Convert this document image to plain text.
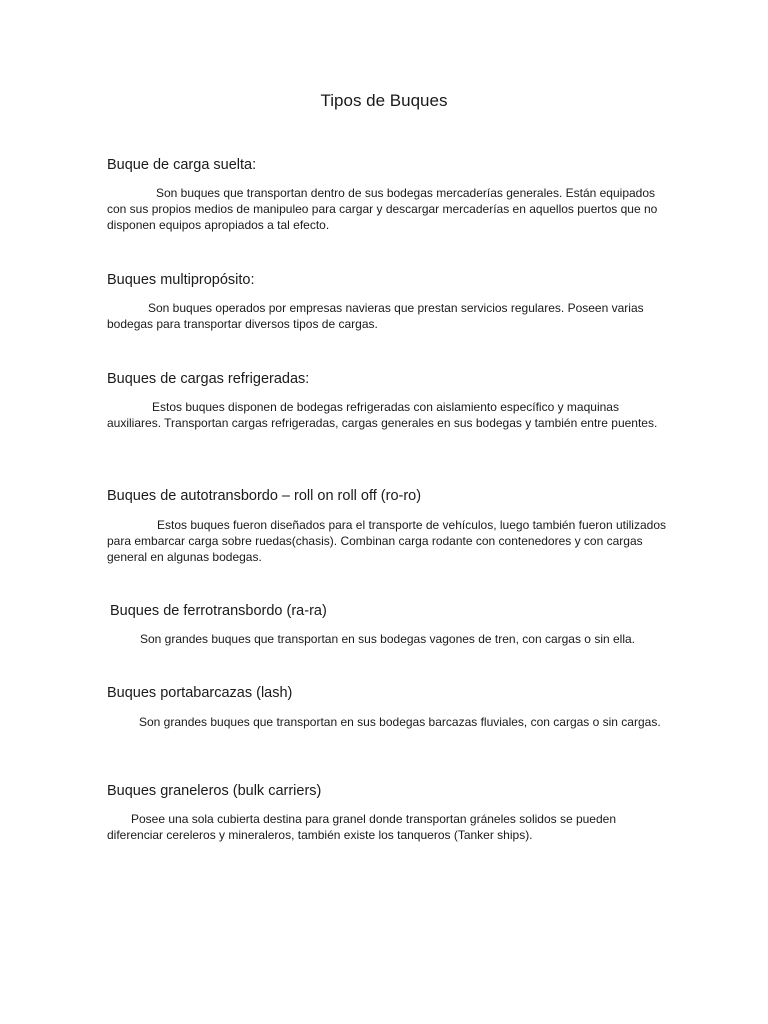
Tipos de Buques
Buque de carga suelta:

Son buques que transportan dentro de sus bodegas mercaderías generales. Están equipados con sus propios medios de manipuleo para cargar y descargar mercaderías en aquellos puertos que no disponen equipos apropiados a tal efecto.

Buques multipropósito:

Son buques operados por empresas navieras que prestan servicios regulares. Poseen varias bodegas para transportar diversos tipos de cargas.

Buques de cargas refrigeradas:

Estos buques disponen de bodegas refrigeradas con aislamiento específico y maquinas auxiliares. Transportan cargas refrigeradas, cargas generales en sus bodegas y también entre puentes.

Buques de autotransbordo – roll on roll off (ro-ro)

Estos buques fueron diseñados para el transporte de vehículos, luego también fueron utilizados para embarcar carga sobre ruedas(chasis). Combinan carga rodante con contenedores y con cargas general en algunas bodegas.

Buques de ferrotransbordo (ra-ra)

Son grandes buques que transportan en sus bodegas vagones de tren, con cargas o sin ella.

Buques portabarcazas (lash)

Son grandes buques que transportan en sus bodegas barcazas fluviales, con cargas o sin cargas.

Buques graneleros (bulk carriers)

Posee una sola cubierta destina para granel donde transportan gráneles solidos se pueden diferenciar cereleros y mineraleros, también existe los tanqueros (Tanker ships).
